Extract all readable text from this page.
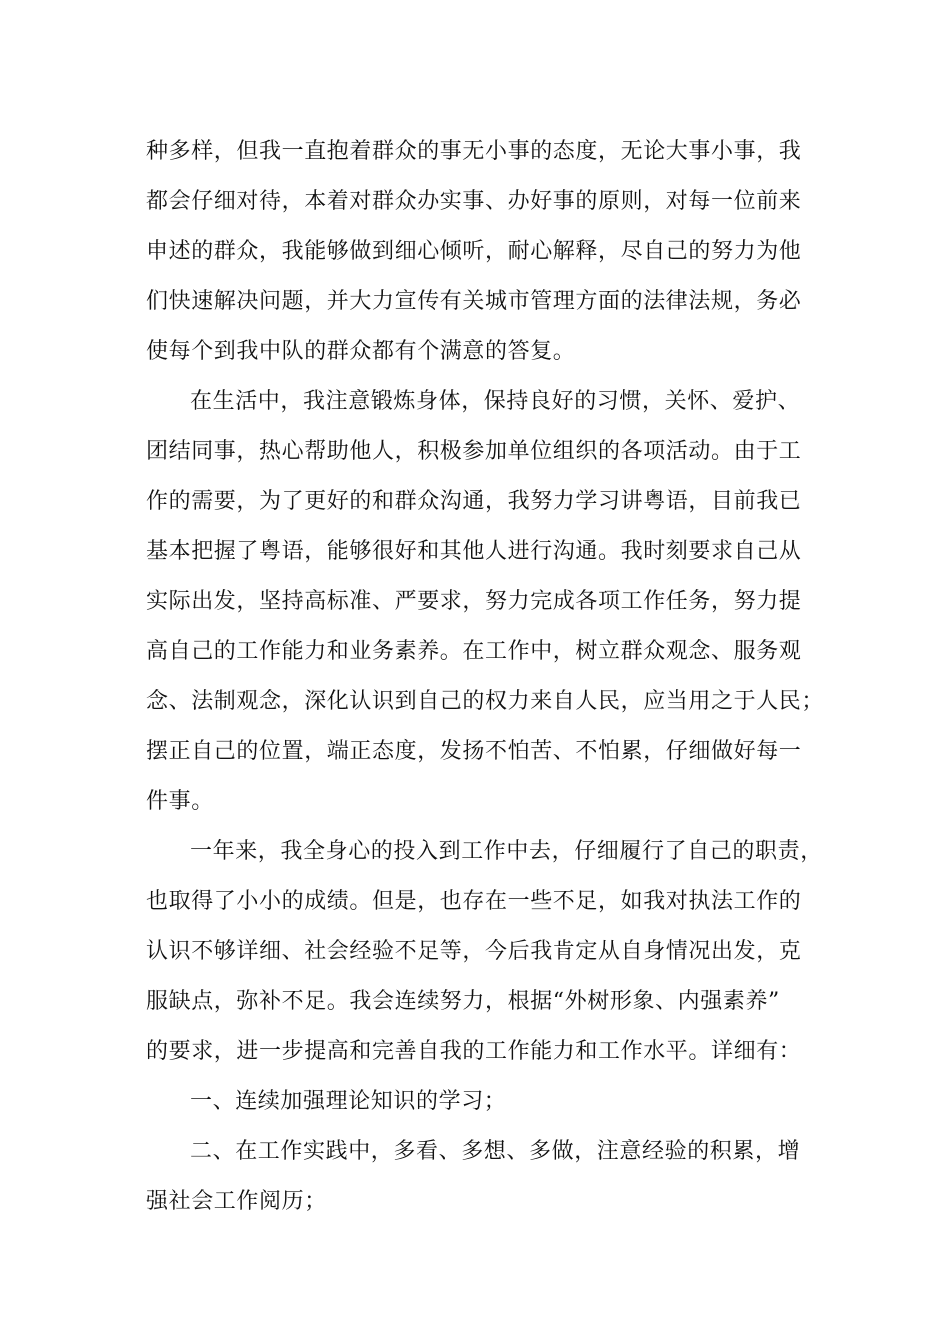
种多样，但我一直抱着群众的事无小事的态度，无论大事小事，我
都会仔细对待，本着对群众办实事、办好事的原则，对每一位前来
申述的群众，我能够做到细心倾听，耐心解释，尽自己的努力为他
们快速解决问题，并大力宣传有关城市管理方面的法律法规，务必
使每个到我中队的群众都有个满意的答复。
在生活中，我注意锻炼身体，保持良好的习惯，关怀、爱护、
团结同事，热心帮助他人，积极参加单位组织的各项活动。由于工
作的需要，为了更好的和群众沟通，我努力学习讲粤语，目前我已
基本把握了粤语，能够很好和其他人进行沟通。我时刻要求自己从
实际出发，坚持高标准、严要求，努力完成各项工作任务，努力提
高自己的工作能力和业务素养。在工作中，树立群众观念、服务观
念、法制观念，深化认识到自己的权力来自人民，应当用之于人民；
摆正自己的位置，端正态度，发扬不怕苦、不怕累，仔细做好每一
件事。
一年来，我全身心的投入到工作中去，仔细履行了自己的职责，
也取得了小小的成绩。但是，也存在一些不足，如我对执法工作的
认识不够详细、社会经验不足等，今后我肯定从自身情况出发，克
服缺点，弥补不足。我会连续努力，根据“外树形象、内强素养”
的要求，进一步提高和完善自我的工作能力和工作水平。详细有：
一、连续加强理论知识的学习；
二、在工作实践中，多看、多想、多做，注意经验的积累，增
强社会工作阅历；
